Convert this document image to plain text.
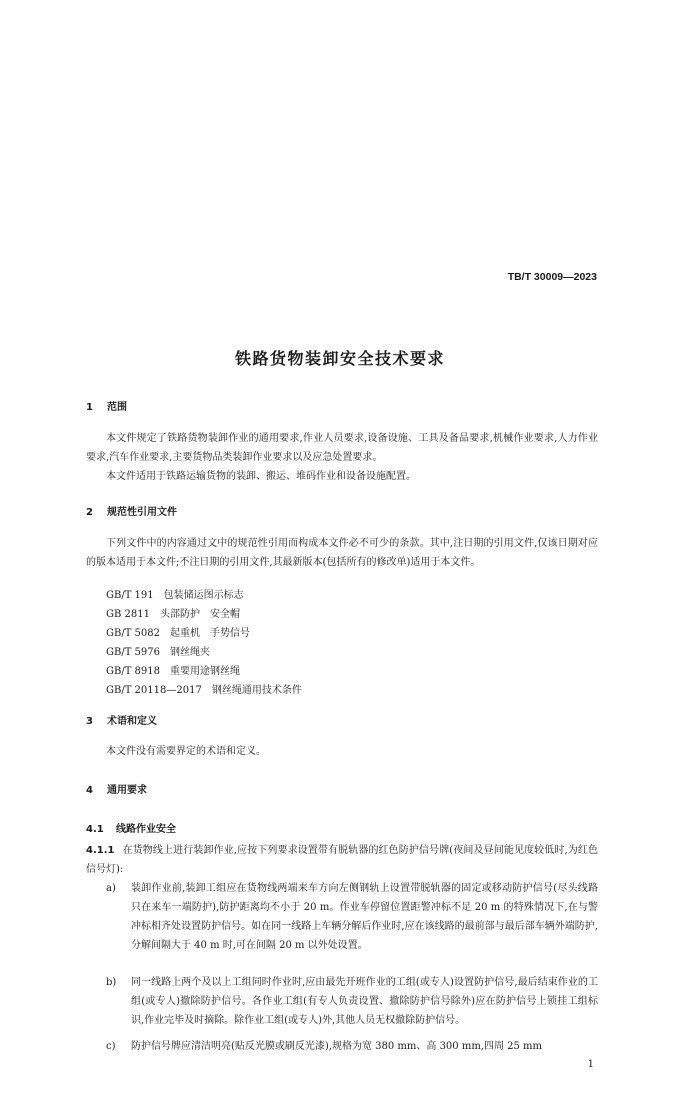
TB/T 30009—2023
铁路货物装卸安全技术要求
1 范围

本文件规定了铁路货物装卸作业的通用要求,作业人员要求,设备设施、工具及备品要求,机械作业要求,人力作业要求,汽车作业要求,主要货物品类装卸作业要求以及应急处置要求。

本文件适用于铁路运输货物的装卸、搬运、堆码作业和设备设施配置。

2 规范性引用文件

下列文件中的内容通过文中的规范性引用而构成本文件必不可少的条款。其中,注日期的引用文件,仅该日期对应的版本适用于本文件;不注日期的引用文件,其最新版本(包括所有的修改单)适用于本文件。

GB/T 191　 包装储运图示标志
GB 2811　 头部防护　安全帽
GB/T 5082　 起重机　手势信号
GB/T 5976　 钢丝绳夹
GB/T 8918　 重要用途钢丝绳
GB/T 20118—2017　 钢丝绳通用技术条件
3 术语和定义

本文件没有需要界定的术语和定义。

4 通用要求
4.1 线路作业安全
4.1.1 在货物线上进行装卸作业,应按下列要求设置带有脱轨器的红色防护信号牌(夜间及昼间能见度较低时,为红色信号灯):
a) 装卸作业前,装卸工组应在货物线两端来车方向左侧钢轨上设置带脱轨器的固定或移动防护信号(尽头线路只在来车一端防护),防护距离均不小于 20 m。作业车停留位置距警冲标不足 20 m 的特殊情况下,在与警冲标相齐处设置防护信号。如在同一线路上车辆分解后作业时,应在该线路的最前部与最后部车辆外端防护,分解间隔大于 40 m 时,可在间隔 20 m 以外处设置。
b) 同一线路上两个及以上工组同时作业时,应由最先开班作业的工组(或专人)设置防护信号,最后结束作业的工组(或专人)撤除防护信号。各作业工组(有专人负责设置、撤除防护信号除外)应在防护信号上锁挂工组标识,作业完毕及时摘除。除作业工组(或专人)外,其他人员无权撤除防护信号。
c) 防护信号牌应清洁明亮(贴反光膜或刷反光漆),规格为宽 380 mm、高 300 mm,四周 25 mm
1
